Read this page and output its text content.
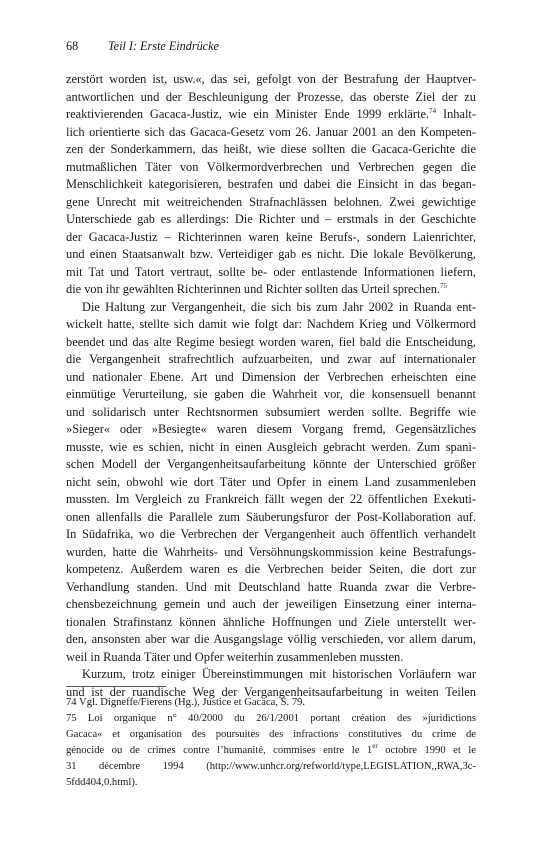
68 Teil I: Erste Eindrücke
zerstört worden ist, usw.«, das sei, gefolgt von der Bestrafung der Hauptver-
antwortlichen und der Beschleunigung der Prozesse, das oberste Ziel der zu
reaktivierenden Gacaca-Justiz, wie ein Minister Ende 1999 erklärte.$^{74}$ Inhalt-
lich orientierte sich das Gacaca-Gesetz vom 26. Januar 2001 an den Kompeten-
zen der Sonderkammern, das heißt, wie diese sollten die Gacaca-Gerichte die
mutmaßlichen Täter von Völkermordverbrechen und Verbrechen gegen die
Menschlichkeit kategorisieren, bestrafen und dabei die Einsicht in das began-
gene Unrecht mit weitreichenden Strafnachlässen belohnen. Zwei gewichtige
Unterschiede gab es allerdings: Die Richter und – erstmals in der Geschichte
der Gacaca-Justiz – Richterinnen waren keine Berufs-, sondern Laienrichter,
und einen Staatsanwalt bzw. Verteidiger gab es nicht. Die lokale Bevölkerung,
mit Tat und Tatort vertraut, sollte be- oder entlastende Informationen liefern,
die von ihr gewählten Richterinnen und Richter sollten das Urteil sprechen.$^{75}$
Die Haltung zur Vergangenheit, die sich bis zum Jahr 2002 in Ruanda ent-
wickelt hatte, stellte sich damit wie folgt dar: Nachdem Krieg und Völkermord
beendet und das alte Regime besiegt worden waren, fiel bald die Entscheidung,
die Vergangenheit strafrechtlich aufzuarbeiten, und zwar auf internationaler
und nationaler Ebene. Art und Dimension der Verbrechen erheischten eine
einmütige Verurteilung, sie gaben die Wahrheit vor, die konsensuell benannt
und solidarisch unter Rechtsnormen subsumiert werden sollte. Begriffe wie
»Sieger« oder »Besiegte« waren diesem Vorgang fremd, Gegensätzliches
musste, wie es schien, nicht in einen Ausgleich gebracht werden. Zum spani-
schen Modell der Vergangenheitsaufarbeitung könnte der Unterschied größer
nicht sein, obwohl wie dort Täter und Opfer in einem Land zusammenleben
mussten. Im Vergleich zu Frankreich fällt wegen der 22 öffentlichen Exekuti-
onen allenfalls die Parallele zum Säuberungsfuror der Post-Kollaboration auf.
In Südafrika, wo die Verbrechen der Vergangenheit auch öffentlich verhandelt
wurden, hatte die Wahrheits- und Versöhnungskommission keine Bestrafungs-
kompetenz. Außerdem waren es die Verbrechen beider Seiten, die dort zur
Verhandlung standen. Und mit Deutschland hatte Ruanda zwar die Verbre-
chensbezeichnung gemein und auch der jeweiligen Einsetzung einer interna-
tionalen Strafinstanz können ähnliche Hoffnungen und Ziele unterstellt wer-
den, ansonsten aber war die Ausgangslage völlig verschieden, vor allem darum,
weil in Ruanda Täter und Opfer weiterhin zusammenleben mussten.
Kurzum, trotz einiger Übereinstimmungen mit historischen Vorläufern war
und ist der ruandische Weg der Vergangenheitsaufarbeitung in weiten Teilen
74 Vgl. Digneffe/Fierens (Hg.), Justice et Gacaca, S. 79.
75 Loi organique n° 40/2000 du 26/1/2001 portant création des »juridictions
Gacaca« et organisation des poursuites des infractions constitutives du crime de
génocide ou de crimes contre l’humanité, commises entre le 1er octobre 1990 et le
31 décembre 1994 (http://www.unhcr.org/refworld/type,LEGISLATION,,RWA,3c-
5fdd404,0.html).
